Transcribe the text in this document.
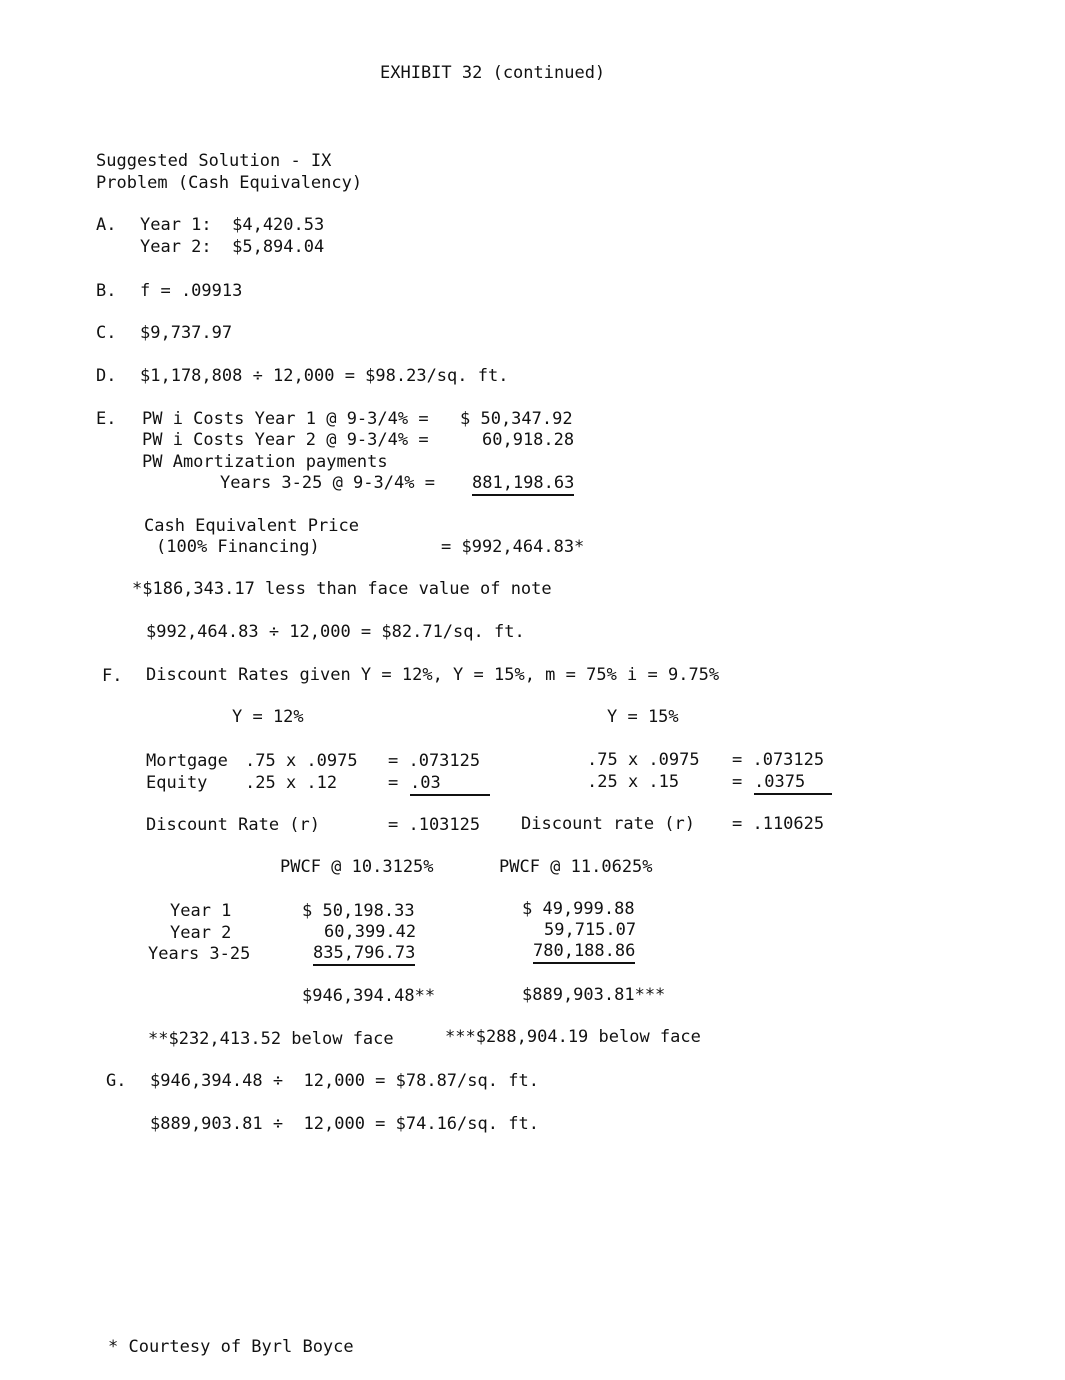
EXHIBIT 32 (continued)
Suggested Solution - IX
Problem (Cash Equivalency)
A. Year 1:  $4,420.53
Year 2:  $5,894.04
B. f = .09913
C. $9,737.97
D. $1,178,808 ÷ 12,000 = $98.23/sq. ft.
E. PW i Costs Year 1 @ 9-3/4% = $ 50,347.92
PW i Costs Year 2 @ 9-3/4% =	60,918.28
PW Amortization payments
Years 3-25 @ 9-3/4% = 881,198.63
Cash Equivalent Price
(100% Financing)	= $992,464.83*
*$186,343.17 less than face value of note
$992,464.83 ÷ 12,000 = $82.71/sq. ft.
F. Discount Rates given Y = 12%, Y = 15%, m = 75% i = 9.75%
Y = 12%	Y = 15%
Mortgage .75 x .0975 = .073125	.75 x .0975 = .073125
Equity .25 x .12	= .03	.25 x .15	= .0375
Discount Rate (r)	= .103125 Discount rate (r) = .110625
PWCF @ 10.3125%	PWCF @ 11.0625%
Year 1	$ 50,198.33	$ 49,999.88
Year 2	60,399.42	59,715.07
Years 3-25	835,796.73	780,188.86
$946,394.48**	$889,903.81***
**$232,413.52 below face	***$288,904.19 below face
G. $946,394.48 ÷  12,000 = $78.87/sq. ft.
$889,903.81 ÷  12,000 = $74.16/sq. ft.
* Courtesy of Byrl Boyce
